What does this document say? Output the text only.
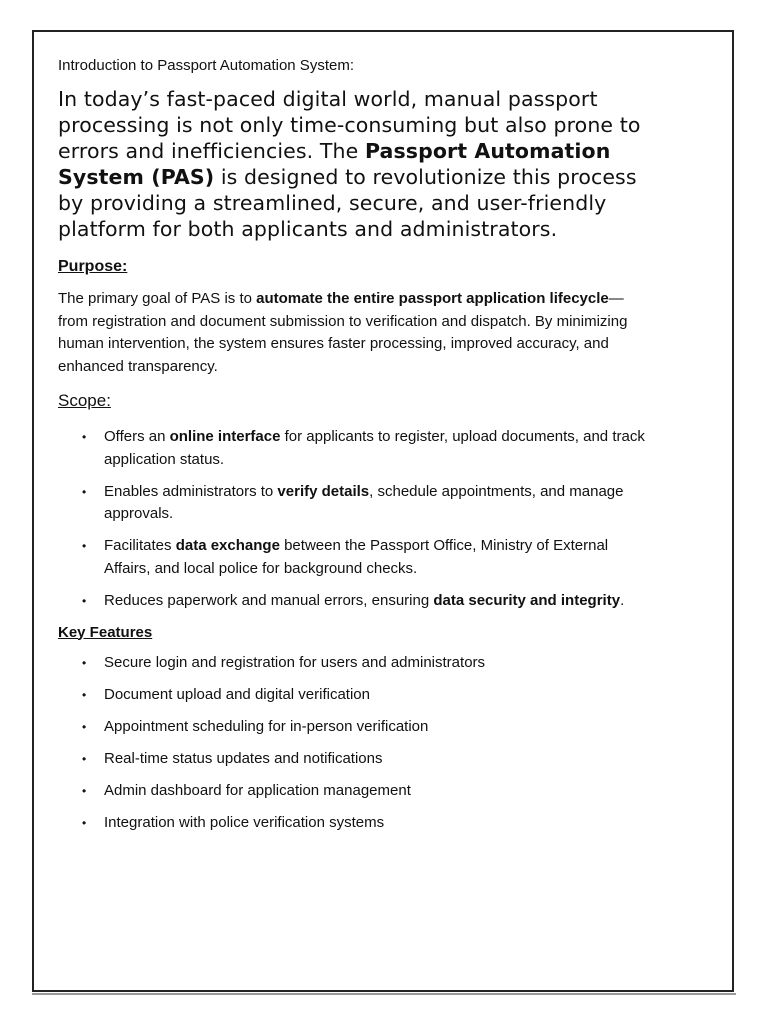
Introduction to Passport Automation System:

In today’s fast-paced digital world, manual passport processing is not only time-consuming but also prone to errors and inefficiencies. The Passport Automation System (PAS) is designed to revolutionize this process by providing a streamlined, secure, and user-friendly platform for both applicants and administrators.

Purpose:

The primary goal of PAS is to automate the entire passport application lifecycle—from registration and document submission to verification and dispatch. By minimizing human intervention, the system ensures faster processing, improved accuracy, and enhanced transparency.

Scope:

• Offers an online interface for applicants to register, upload documents, and track application status.
• Enables administrators to verify details, schedule appointments, and manage approvals.
• Facilitates data exchange between the Passport Office, Ministry of External Affairs, and local police for background checks.
• Reduces paperwork and manual errors, ensuring data security and integrity.

Key Features

• Secure login and registration for users and administrators
• Document upload and digital verification
• Appointment scheduling for in-person verification
• Real-time status updates and notifications
• Admin dashboard for application management
• Integration with police verification systems
